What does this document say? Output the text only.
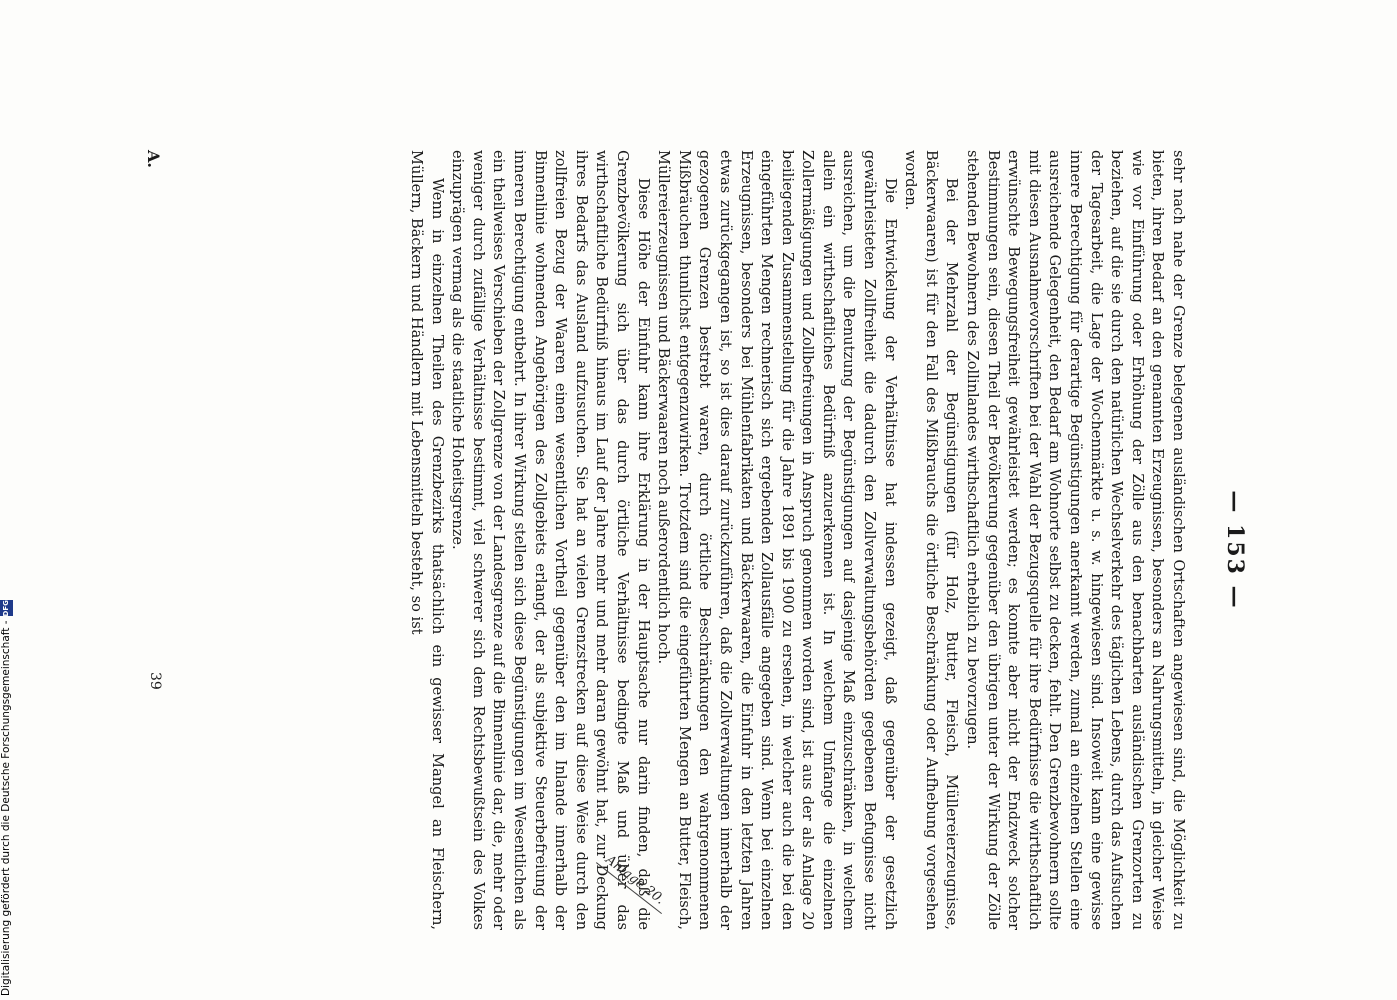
— 153 —

sehr nach nahe der Grenze belegenen ausländischen Ortschaften angewiesen sind, die Möglichkeit zu bieten, ihren Bedarf an den genannten Erzeugnissen, besonders an Nahrungsmitteln, in gleicher Weise wie vor Einführung oder Erhöhung der Zölle aus den benachbarten ausländischen Grenzorten zu beziehen, auf die sie durch den natürlichen Wechselverkehr des täglichen Lebens, durch das Aufsuchen der Tagesarbeit, die Lage der Wochenmärkte u. s. w. hingewiesen sind. Insoweit kann eine gewisse innere Berechtigung für derartige Begünstigungen anerkannt werden, zumal an einzelnen Stellen eine ausreichende Gelegenheit, den Bedarf am Wohnorte selbst zu decken, fehlt. Den Grenzbewohnern sollte mit diesen Ausnahmevorschriften bei der Wahl der Bezugsquelle für ihre Bedürfnisse die wirthschaftlich erwünschte Bewegungsfreiheit gewährleistet werden; es konnte aber nicht der Endzweck solcher Bestimmungen sein, diesen Theil der Bevölkerung gegenüber den übrigen unter der Wirkung der Zölle stehenden Bewohnern des Zollinlandes wirthschaftlich erheblich zu bevorzugen.

Bei der Mehrzahl der Begünstigungen (für Holz, Butter, Fleisch, Müllereierzeugnisse, Bäckerwaaren) ist für den Fall des Mißbrauchs die örtliche Beschränkung oder Aufhebung vorgesehen worden.

Die Entwickelung der Verhältnisse hat indessen gezeigt, daß gegenüber der gesetzlich gewährleisteten Zollfreiheit die dadurch den Zollverwaltungsbehörden gegebenen Befugnisse nicht ausreichen, um die Benutzung der Begünstigungen auf dasjenige Maß einzuschränken, in welchem allein ein wirthschaftliches Bedürfniß anzuerkennen ist. In welchem Umfange die einzelnen Zollermäßigungen und Zollbefreiungen in Anspruch genommen worden sind, ist aus der als Anlage 20 beiliegenden Zusammenstellung für die Jahre 1891 bis 1900 zu ersehen, in welcher auch die bei den eingeführten Mengen rechnerisch sich ergebenden Zollausfälle angegeben sind. Wenn bei einzelnen Erzeugnissen, besonders bei Mühlenfabrikaten und Bäckerwaaren, die Einfuhr in den letzten Jahren etwas zurückgegangen ist, so ist dies darauf zurückzuführen, daß die Zollverwaltungen innerhalb der gezogenen Grenzen bestrebt waren, durch örtliche Beschränkungen den wahrgenommenen Mißbräuchen thunlichst entgegenzuwirken. Trotzdem sind die eingeführten Mengen an Butter, Fleisch, Müllereierzeugnissen und Bäckerwaaren noch außerordentlich hoch.

Diese Höhe der Einfuhr kann ihre Erklärung in der Hauptsache nur darin finden, daß die Grenzbevölkerung sich über das durch örtliche Verhältnisse bedingte Maß und über das wirthschaftliche Bedürfniß hinaus im Lauf der Jahre mehr und mehr daran gewöhnt hat, zur Deckung ihres Bedarfs das Ausland aufzusuchen. Sie hat an vielen Grenzstrecken auf diese Weise durch den zollfreien Bezug der Waaren einen wesentlichen Vortheil gegenüber den im Inlande innerhalb der Binnenlinie wohnenden Angehörigen des Zollgebiets erlangt, der als subjektive Steuerbefreiung der inneren Berechtigung entbehrt. In ihrer Wirkung stellen sich diese Begünstigungen im Wesentlichen als ein theilweises Verschieben der Zollgrenze von der Landesgrenze auf die Binnenlinie dar, die, mehr oder weniger durch zufällige Verhältnisse bestimmt, viel schwerer sich dem Rechtsbewußtsein des Volkes einzuprägen vermag als die staatliche Hoheitsgrenze.

Wenn in einzelnen Theilen des Grenzbezirks thatsächlich ein gewisser Mangel an Fleischern, Müllern, Bäckern und Händlern mit Lebensmitteln besteht, so ist

Anlage 20.
A.
39
Digitalisierung gefördert durch die Deutsche Forschungsgemeinschaft -
DFG
